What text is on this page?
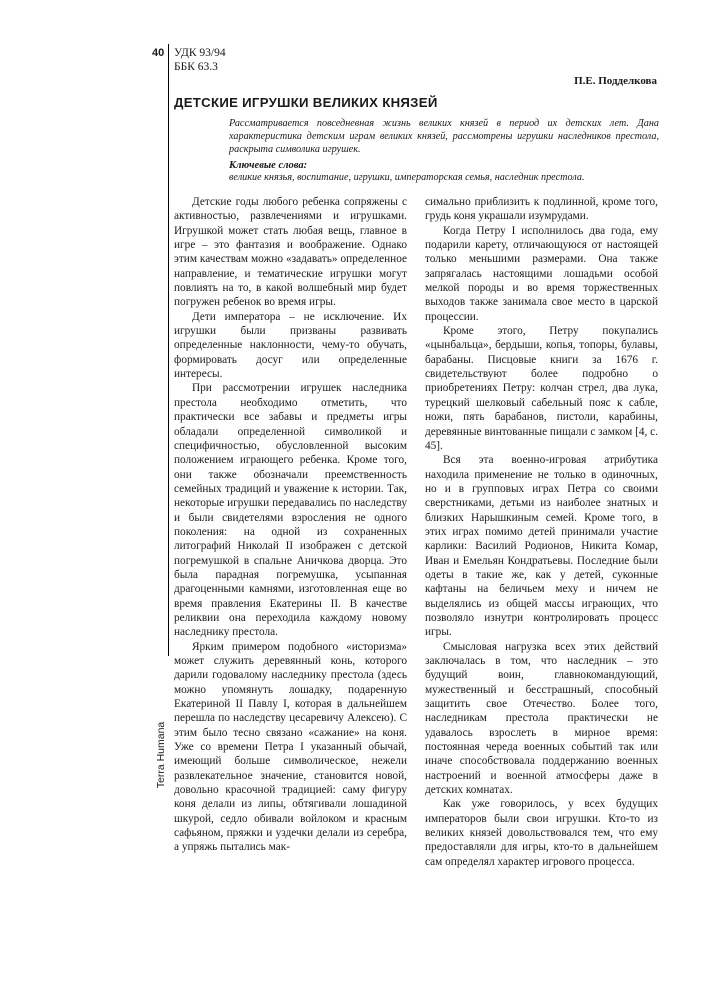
40 УДК 93/94
ББК 63.3
Terra Humana
П.Е. Подделкова
ДЕТСКИЕ ИГРУШКИ ВЕЛИКИХ КНЯЗЕЙ

Рассматривается повседневная жизнь великих князей в период их детских лет. Дана характеристика детским играм великих князей, рассмотрены игрушки наследников престола, раскрыта символика игрушек.

Ключевые слова:
великие князья, воспитание, игрушки, императорская семья, наследник престола.

Детские годы любого ребенка сопряжены с активностью, развлечениями и игрушками. Игрушкой может стать любая вещь, главное в игре – это фантазия и воображение. Однако этим качествам можно «задавать» определенное направление, и тематические игрушки могут повлиять на то, в какой волшебный мир будет погружен ребенок во время игры.

Дети императора – не исключение. Их игрушки были призваны развивать определенные наклонности, чему-то обучать, формировать досуг или определенные интересы.

При рассмотрении игрушек наследника престола необходимо отметить, что практически все забавы и предметы игры обладали определенной символикой и специфичностью, обусловленной высоким положением играющего ребенка. Кроме того, они также обозначали преемственность семейных традиций и уважение к истории. Так, некоторые игрушки передавались по наследству и были свидетелями взросления не одного поколения: на одной из сохраненных литографий Николай II изображен с детской погремушкой в спальне Аничкова дворца. Это была парадная погремушка, усыпанная драгоценными камнями, изготовленная еще во время правления Екатерины II. В качестве реликвии она переходила каждому новому наследнику престола.

Ярким примером подобного «историзма» может служить деревянный конь, которого дарили годовалому наследнику престола (здесь можно упомянуть лошадку, подаренную Екатериной II Павлу I, которая в дальнейшем перешла по наследству цесаревичу Алексею). С этим было тесно связано «сажание» на коня. Уже со времени Петра I указанный обычай, имеющий больше символическое, нежели развлекательное значение, становится новой, довольно красочной традицией: саму фигуру коня делали из липы, обтягивали лошадиной шкурой, седло обивали войлоком и красным сафьяном, пряжки и уздечки делали из серебра, а упряжь пытались мак-

симально приблизить к подлинной, кроме того, грудь коня украшали изумрудами.

Когда Петру I исполнилось два года, ему подарили карету, отличающуюся от настоящей только меньшими размерами. Она также запрягалась настоящими лошадьми особой мелкой породы и во время торжественных выходов также занимала свое место в царской процессии.

Кроме этого, Петру покупались «цынбальца», бердыши, копья, топоры, булавы, барабаны. Писцовые книги за 1676 г. свидетельствуют более подробно о приобретениях Петру: колчан стрел, два лука, турецкий шелковый сабельный пояс к сабле, ножи, пять барабанов, пистоли, карабины, деревянные винтованные пищали с замком [4, с. 45].

Вся эта военно-игровая атрибутика находила применение не только в одиночных, но и в групповых играх Петра со своими сверстниками, детьми из наиболее знатных и близких Нарышкиным семей. Кроме того, в этих играх помимо детей принимали участие карлики: Василий Родионов, Никита Комар, Иван и Емельян Кондратьевы. Последние были одеты в такие же, как у детей, суконные кафтаны на беличьем меху и ничем не выделялись из общей массы играющих, что позволяло изнутри контролировать процесс игры.

Смысловая нагрузка всех этих действий заключалась в том, что наследник – это будущий воин, главнокомандующий, мужественный и бесстрашный, способный защитить свое Отечество. Более того, наследникам престола практически не удавалось взрослеть в мирное время: постоянная череда военных событий так или иначе способствовала поддержанию военных настроений и военной атмосферы даже в детских комнатах.

Как уже говорилось, у всех будущих императоров были свои игрушки. Кто-то из великих князей довольствовался тем, что ему предоставляли для игры, кто-то в дальнейшем сам определял характер игрового процесса.
